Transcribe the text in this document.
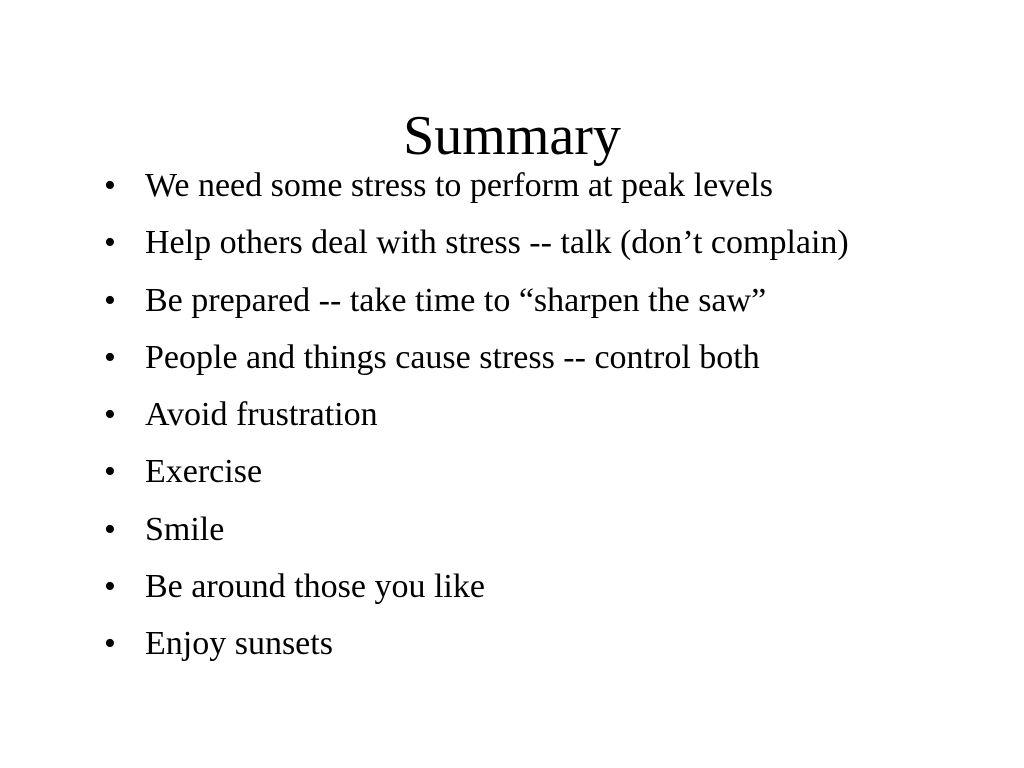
Summary
• We need some stress to perform at peak levels
• Help others deal with stress -- talk (don’t complain)
• Be prepared -- take time to “sharpen the saw”
• People and things cause stress -- control both
• Avoid frustration
• Exercise
• Smile
• Be around those you like
• Enjoy sunsets
